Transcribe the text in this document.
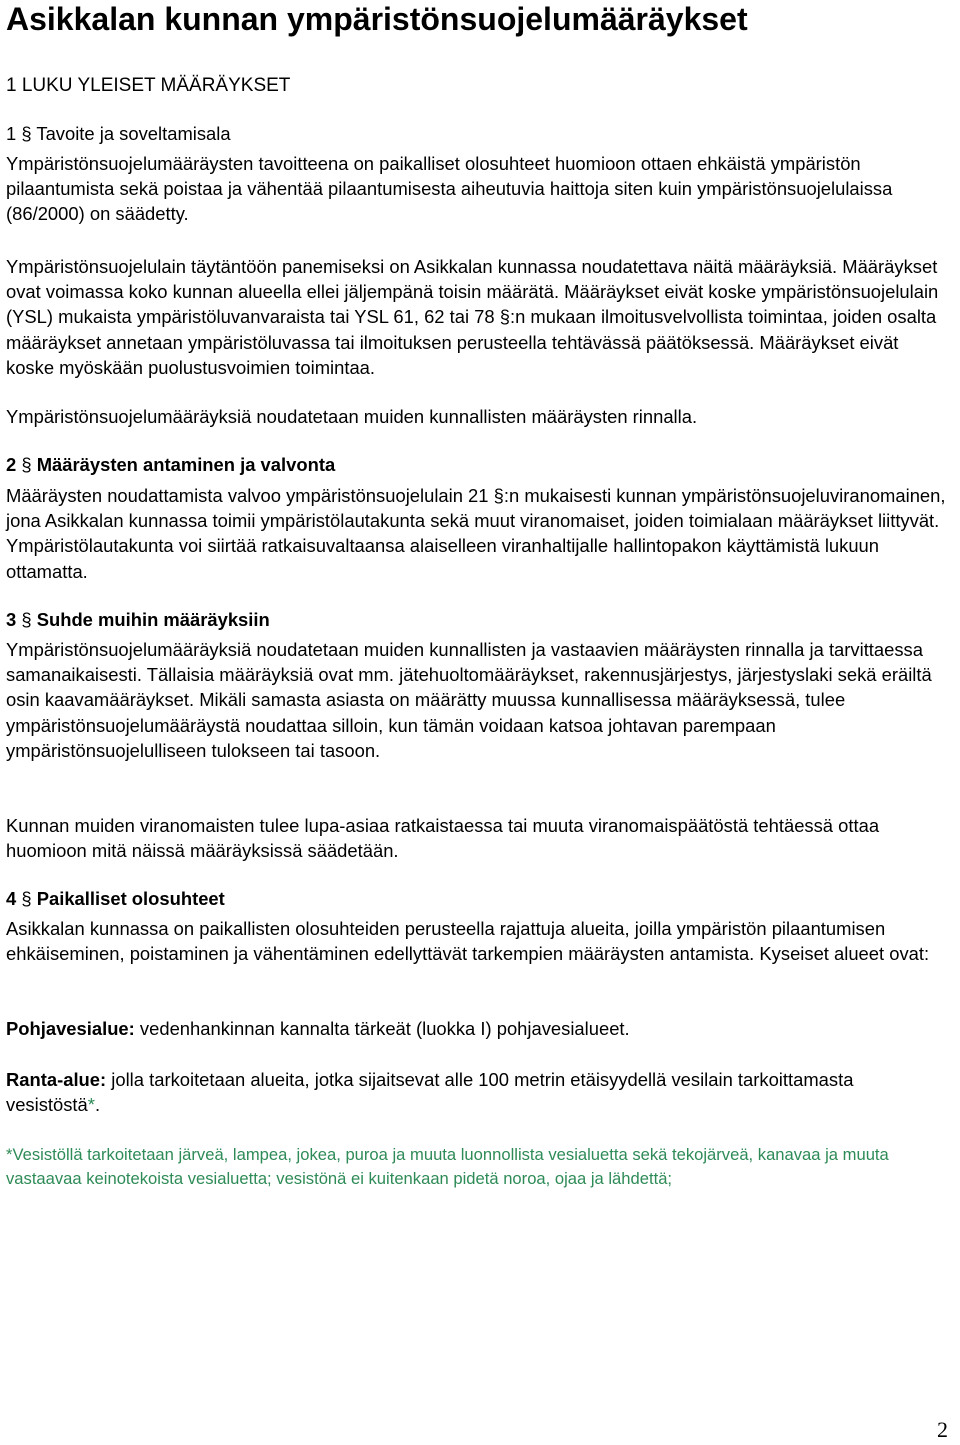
Asikkalan kunnan ympäristönsuojelumääräykset
1 LUKU YLEISET MÄÄRÄYKSET
1 § Tavoite ja soveltamisala

Ympäristönsuojelumääräysten tavoitteena on paikalliset olosuhteet huomioon ottaen ehkäistä ympäristön pilaantumista sekä poistaa ja vähentää pilaantumisesta aiheutuvia haittoja siten kuin ympäristönsuojelulaissa (86/2000) on säädetty.

Ympäristönsuojelulain täytäntöön panemiseksi on Asikkalan kunnassa noudatettava näitä määräyksiä. Määräykset ovat voimassa koko kunnan alueella ellei jäljempänä toisin määrätä. Määräykset eivät koske ympäristönsuojelulain (YSL) mukaista ympäristöluvanvaraista tai YSL 61, 62 tai 78 §:n mukaan ilmoitusvelvollista toimintaa, joiden osalta määräykset annetaan ympäristöluvassa tai ilmoituksen perusteella tehtävässä päätöksessä. Määräykset eivät koske myöskään puolustusvoimien toimintaa.

Ympäristönsuojelumääräyksiä noudatetaan muiden kunnallisten määräysten rinnalla.

2 § Määräysten antaminen ja valvonta

Määräysten noudattamista valvoo ympäristönsuojelulain 21 §:n mukaisesti kunnan ympäristönsuojeluviranomainen, jona Asikkalan kunnassa toimii ympäristölautakunta sekä muut viranomaiset, joiden toimialaan määräykset liittyvät. Ympäristölautakunta voi siirtää ratkaisuvaltaansa alaiselleen viranhaltijalle hallintopakon käyttämistä lukuun ottamatta.

3 § Suhde muihin määräyksiin

Ympäristönsuojelumääräyksiä noudatetaan muiden kunnallisten ja vastaavien määräysten rinnalla ja tarvittaessa samanaikaisesti. Tällaisia määräyksiä ovat mm. jätehuoltomääräykset, rakennusjärjestys, järjestyslaki sekä eräiltä osin kaavamääräykset. Mikäli samasta asiasta on määrätty muussa kunnallisessa määräyksessä, tulee ympäristönsuojelumääräystä noudattaa silloin, kun tämän voidaan katsoa johtavan parempaan ympäristönsuojelulliseen tulokseen tai tasoon.

Kunnan muiden viranomaisten tulee lupa-asiaa ratkaistaessa tai muuta viranomaispäätöstä tehtäessä ottaa huomioon mitä näissä määräyksissä säädetään.

4 § Paikalliset olosuhteet

Asikkalan kunnassa on paikallisten olosuhteiden perusteella rajattuja alueita, joilla ympäristön pilaantumisen ehkäiseminen, poistaminen ja vähentäminen edellyttävät tarkempien määräysten antamista. Kyseiset alueet ovat:

Pohjavesialue: vedenhankinnan kannalta tärkeät (luokka I) pohjavesialueet.

Ranta-alue: jolla tarkoitetaan alueita, jotka sijaitsevat alle 100 metrin etäisyydellä vesilain tarkoittamasta vesistöstä*.

*Vesistöllä tarkoitetaan järveä, lampea, jokea, puroa ja muuta luonnollista vesialuetta sekä tekojärveä, kanavaa ja muuta vastaavaa keinotekoista vesialuetta; vesistönä ei kuitenkaan pidetä noroa, ojaa ja lähdettä;

2
